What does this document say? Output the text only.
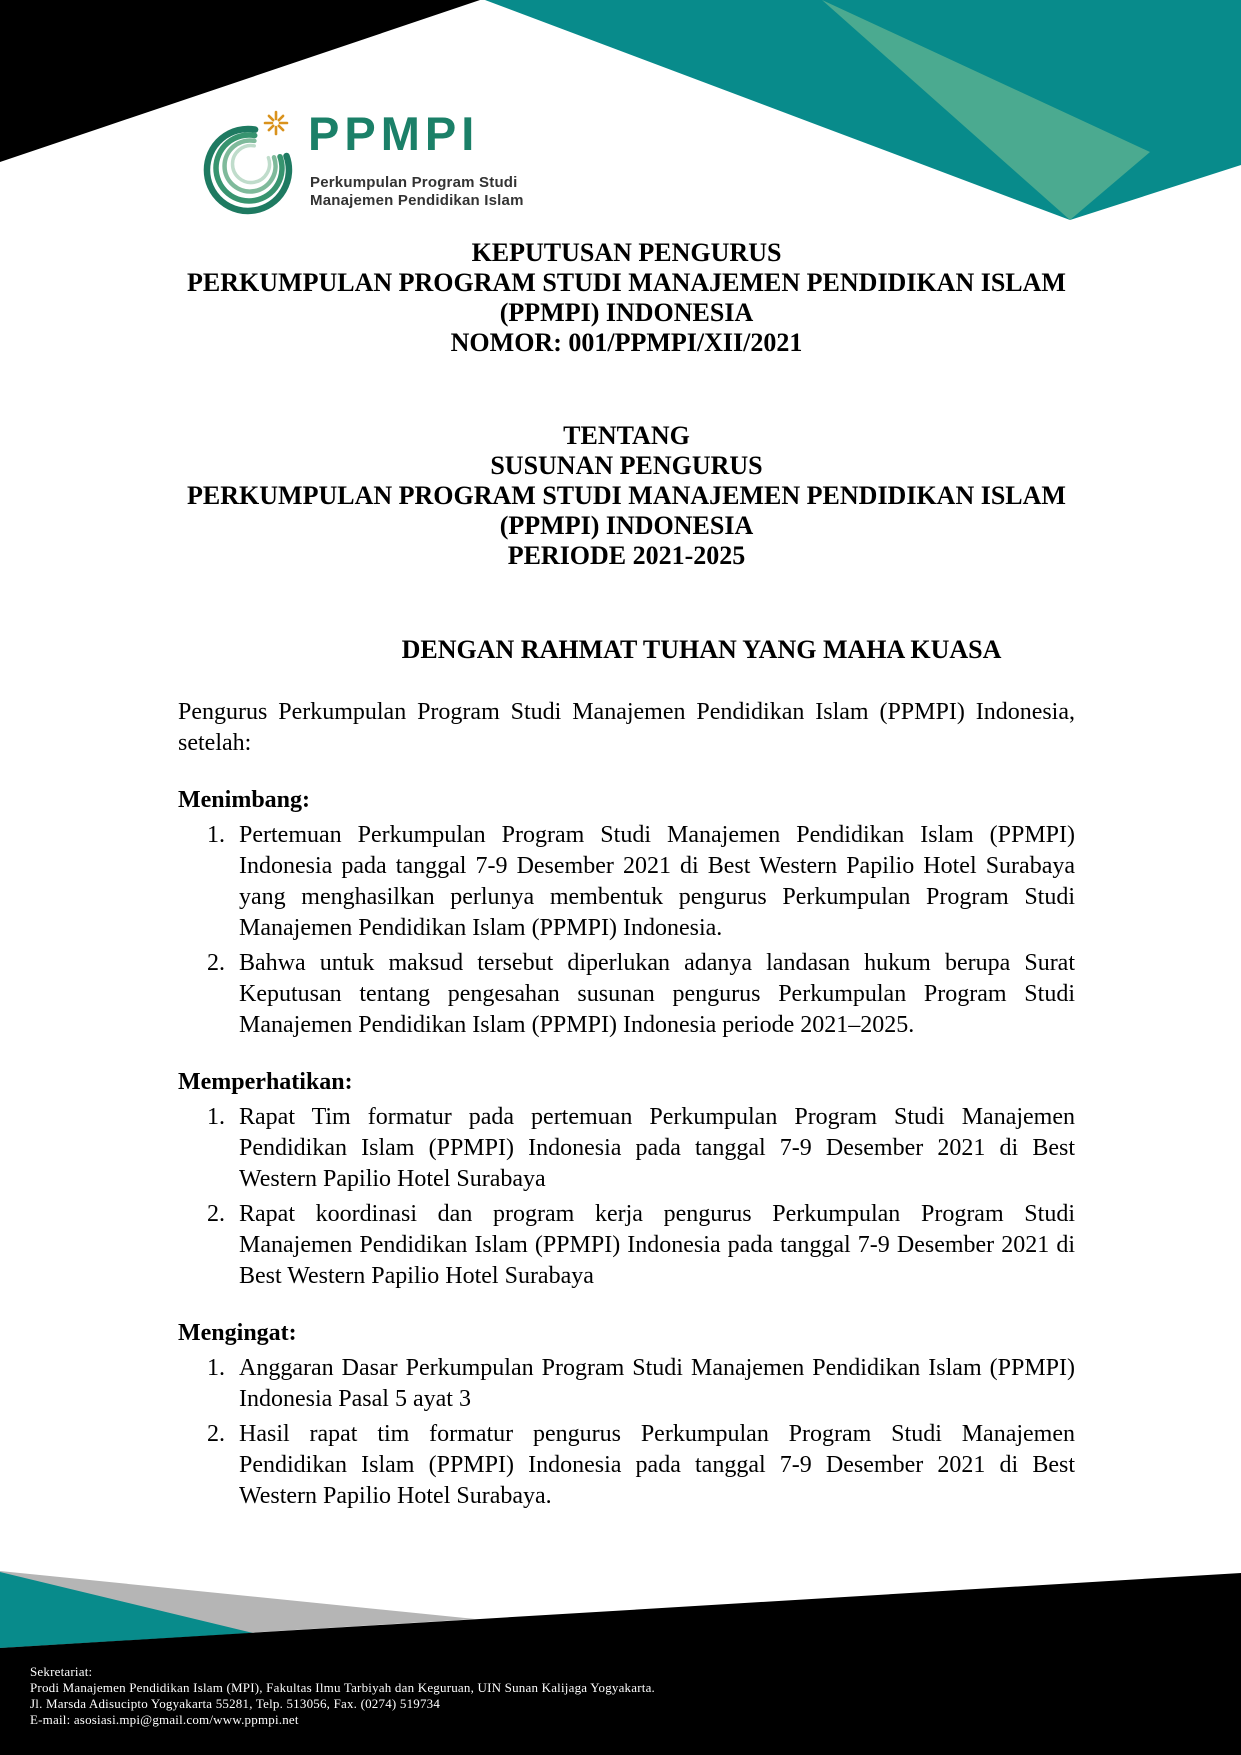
PPMPI
Perkumpulan Program Studi
Manajemen Pendidikan Islam
KEPUTUSAN PENGURUS
PERKUMPULAN PROGRAM STUDI MANAJEMEN PENDIDIKAN ISLAM
(PPMPI) INDONESIA
NOMOR: 001/PPMPI/XII/2021
TENTANG
SUSUNAN PENGURUS
PERKUMPULAN PROGRAM STUDI MANAJEMEN PENDIDIKAN ISLAM
(PPMPI) INDONESIA
PERIODE 2021-2025
DENGAN RAHMAT TUHAN YANG MAHA KUASA
Pengurus Perkumpulan Program Studi Manajemen Pendidikan Islam (PPMPI) Indonesia, setelah:
Menimbang:
1. Pertemuan Perkumpulan Program Studi Manajemen Pendidikan Islam (PPMPI) Indonesia pada tanggal 7-9 Desember 2021 di Best Western Papilio Hotel Surabaya yang menghasilkan perlunya membentuk pengurus Perkumpulan Program Studi Manajemen Pendidikan Islam (PPMPI) Indonesia.
2. Bahwa untuk maksud tersebut diperlukan adanya landasan hukum berupa Surat Keputusan tentang pengesahan susunan pengurus Perkumpulan Program Studi Manajemen Pendidikan Islam (PPMPI) Indonesia periode 2021–2025.
Memperhatikan:
1. Rapat Tim formatur pada pertemuan Perkumpulan Program Studi Manajemen Pendidikan Islam (PPMPI) Indonesia pada tanggal 7-9 Desember 2021 di Best Western Papilio Hotel Surabaya
2. Rapat koordinasi dan program kerja pengurus Perkumpulan Program Studi Manajemen Pendidikan Islam (PPMPI) Indonesia pada tanggal 7-9 Desember 2021 di Best Western Papilio Hotel Surabaya
Mengingat:
1. Anggaran Dasar Perkumpulan Program Studi Manajemen Pendidikan Islam (PPMPI) Indonesia Pasal 5 ayat 3
2. Hasil rapat tim formatur pengurus Perkumpulan Program Studi Manajemen Pendidikan Islam (PPMPI) Indonesia pada tanggal 7-9 Desember 2021 di Best Western Papilio Hotel Surabaya.
Sekretariat:
Prodi Manajemen Pendidikan Islam (MPI), Fakultas Ilmu Tarbiyah dan Keguruan, UIN Sunan Kalijaga Yogyakarta.
Jl. Marsda Adisucipto Yogyakarta 55281, Telp. 513056, Fax. (0274) 519734
E-mail: asosiasi.mpi@gmail.com/www.ppmpi.net
